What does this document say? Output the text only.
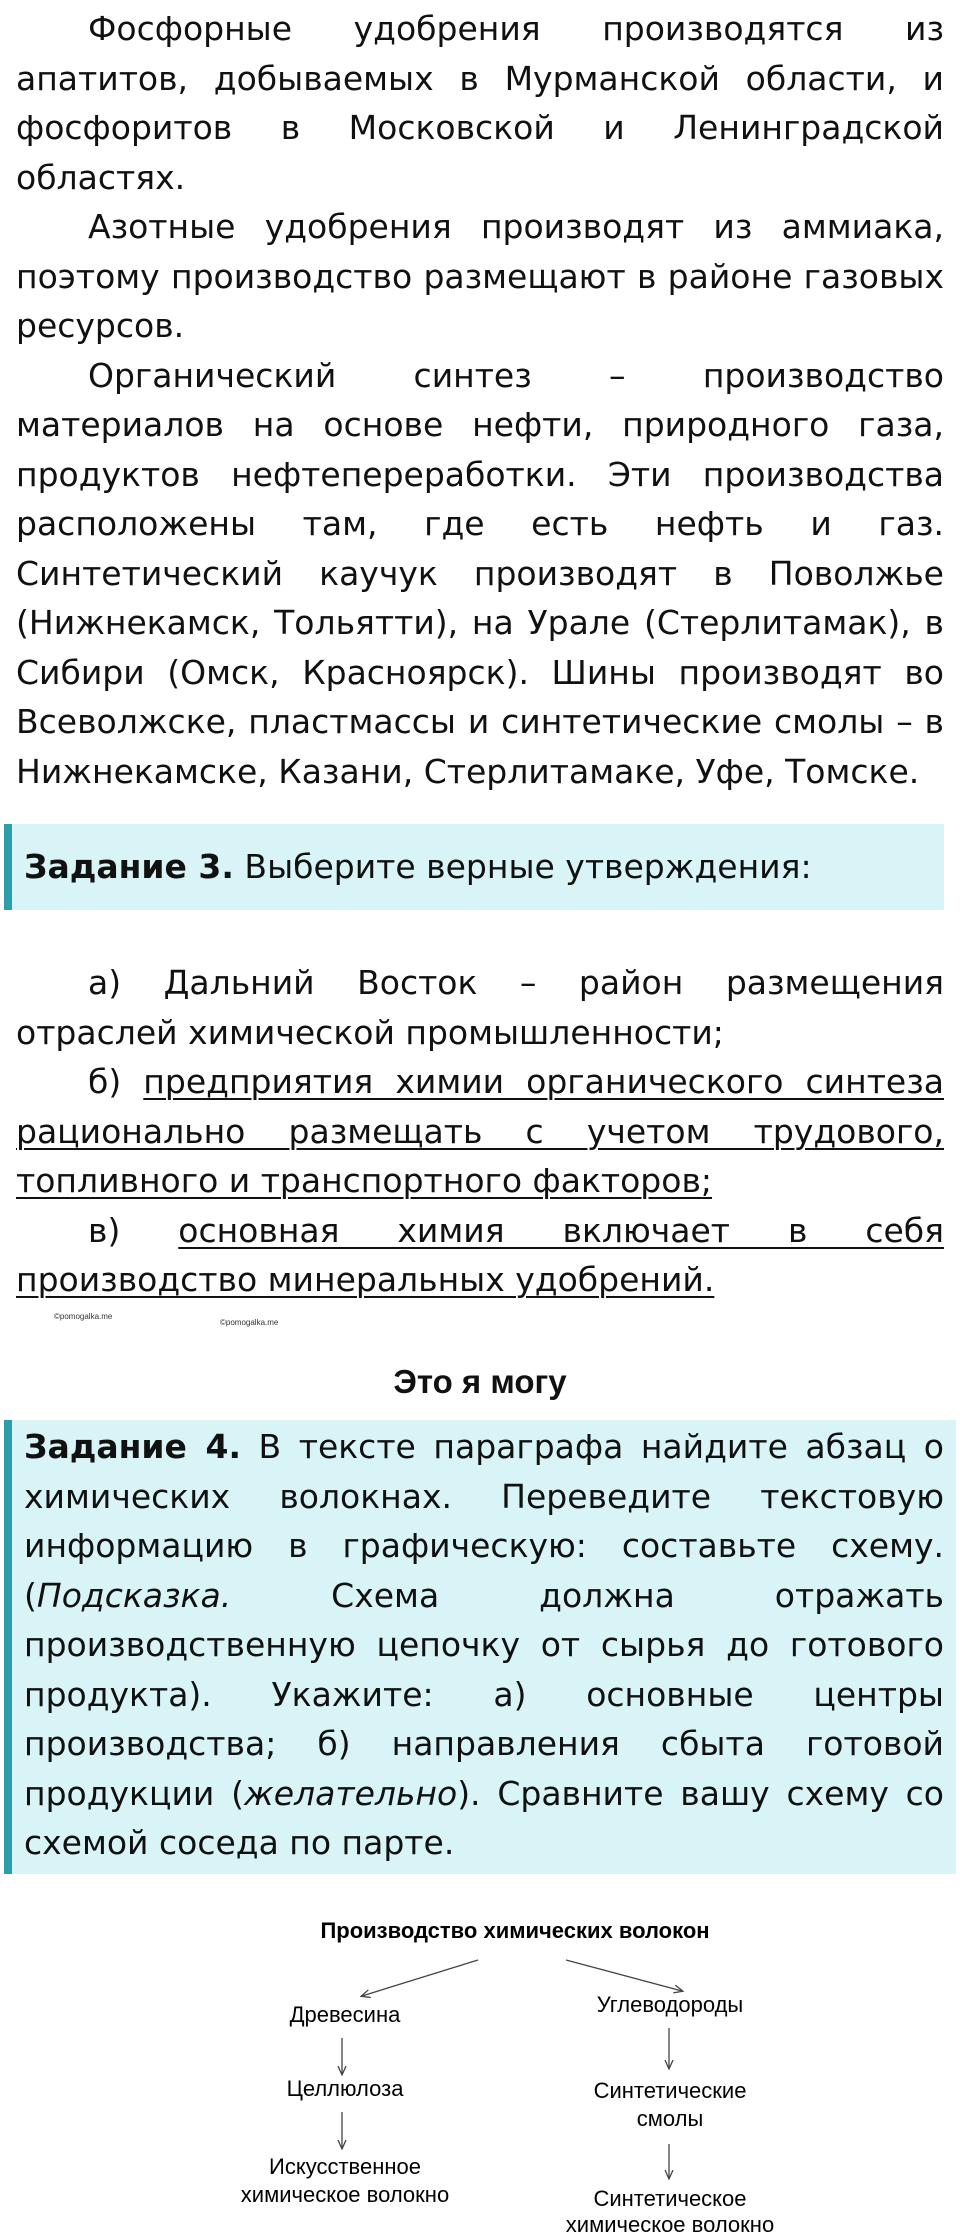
Фосфорные удобрения производятся из апатитов, добываемых в Мурманской области, и фосфоритов в Московской и Ленинградской областях.

Азотные удобрения производят из аммиака, поэтому производство размещают в районе газовых ресурсов.

Органический синтез – производство материалов на основе нефти, природного газа, продуктов нефтепереработки. Эти производства расположены там, где есть нефть и газ. Синтетический каучук производят в Поволжье (Нижнекамск, Тольятти), на Урале (Стерлитамак), в Сибири (Омск, Красноярск). Шины производят во Всеволжске, пластмассы и синтетические смолы – в Нижнекамске, Казани, Стерлитамаке, Уфе, Томске.

Задание 3. Выберите верные утверждения:

а) Дальний Восток – район размещения отраслей химической промышленности;

б) предприятия химии органического синтеза рационально размещать с учетом трудового, топливного и транспортного факторов;

в) основная химия включает в себя производство минеральных удобрений.

©pomogalka.me
©pomogalka.me
Это я могу
Задание 4. В тексте параграфа найдите абзац о химических волокнах. Переведите текстовую информацию в графическую: составьте схему. (Подсказка. Схема должна отражать производственную цепочку от сырья до готового продукта). Укажите: а) основные центры производства; б) направления сбыта готовой продукции (желательно). Сравните вашу схему со схемой соседа по парте.
Производство химических волокон
Древесина	Углеводороды
Целлюлоза	Синтетические
смолы
Искусственное
химическое волокно	Синтетическое
химическое волокно
